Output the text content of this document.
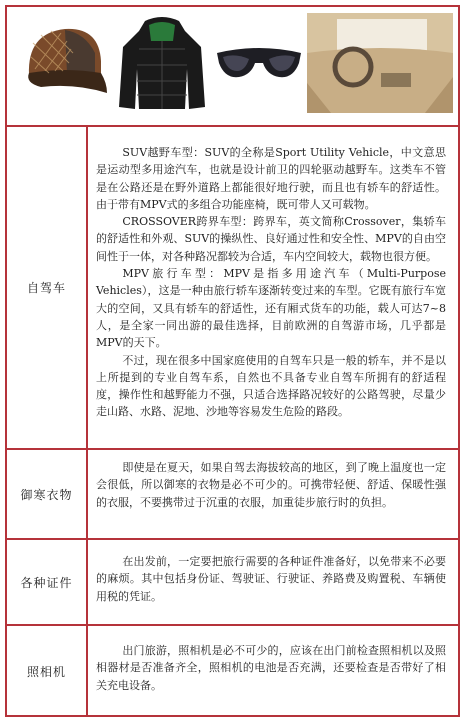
自驾车

SUV越野车型：SUV的全称是Sport Utility Vehicle，中文意思是运动型多用途汽车，也就是设计前卫的四轮驱动越野车。这类车不管是在公路还是在野外道路上都能很好地行驶，而且也有轿车的舒适性。由于带有MPV式的多组合功能座椅，既可带人又可载物。

CROSSOVER跨界车型：跨界车，英文简称Crossover，集轿车的舒适性和外观、SUV的操纵性、良好通过性和安全性、MPV的自由空间性于一体，对各种路况都较为合适，车内空间较大，载物也很方便。

MPV旅行车型：MPV是指多用途汽车（Multi-Purpose Vehicles），这是一种由旅行轿车逐渐转变过来的车型。它既有旅行车宽大的空间，又具有轿车的舒适性，还有厢式货车的功能，载人可达7~8人，是全家一同出游的最佳选择，目前欧洲的自驾游市场，几乎都是MPV的天下。

不过，现在很多中国家庭使用的自驾车只是一般的轿车，并不是以上所提到的专业自驾车系，自然也不具备专业自驾车所拥有的舒适程度，操作性和越野能力不强，只适合选择路况较好的公路驾驶，尽量少走山路、水路、泥地、沙地等容易发生危险的路段。

御寒衣物

即使是在夏天，如果自驾去海拔较高的地区，到了晚上温度也一定会很低，所以御寒的衣物是必不可少的。可携带轻便、舒适、保暖性强的衣服，不要携带过于沉重的衣服，加重徒步旅行时的负担。

各种证件

在出发前，一定要把旅行需要的各种证件准备好，以免带来不必要的麻烦。其中包括身份证、驾驶证、行驶证、养路费及购置税、车辆使用税的凭证。

照相机

出门旅游，照相机是必不可少的，应该在出门前检查照相机以及照相器材是否准备齐全，照相机的电池是否充满，还要检查是否带好了相关充电设备。
